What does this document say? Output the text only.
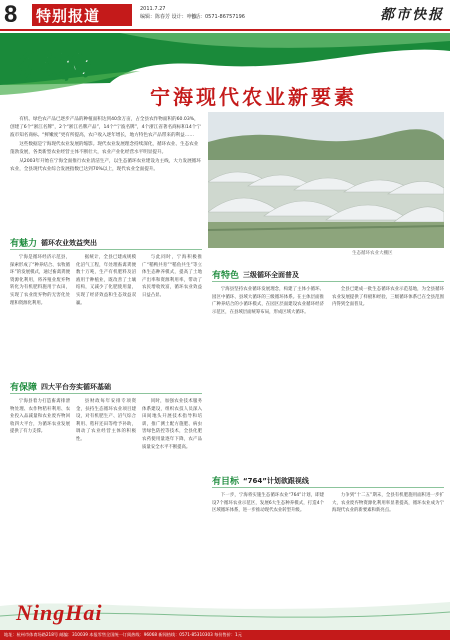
8 特别报道	2011.7.27
编辑：陈春芳 设计：叶波
电话：0571-86757196	都市快报
循环：
宁海现代农业新要素

有机、绿色农产品已逐步产品的种植面积达到40余万亩，占全县农作物面积的60.03%，创建了6个“浙江名牌”，2个“浙江名牌产品”，14个“宁波名牌”，4个浙江省著名商标和14个宁波市知名商标。“鲜嫩度”更有所提高，农户收入逐年增长，地方特色农产品带来的利益……

这些数据是宁海现代农业发展的缩影。现代农业发展理念持续深化，循环农业、生态农业蓬勃发展，各类新型农业经营主体不断壮大，农业产业化经营水平明显提升。

从2003年开始在宁海全面推行农业清洁生产，以生态循环农业建设为主线，大力发展循环农业，全县现代农业综合发展指数已达到70%以上，现代农业全面提升。

生态循环农业大棚区
有魅力 循环农业效益突出

宁海是循环经济示范县，探索形成了“种养结合、农牧循环”的发展模式，通过畜禽粪便资源化利用，将养殖业废弃物转化为有机肥料施用于农田，实现了农业废弃物的无害化处理和资源化利用。

据统计，全县已建成规模化沼气工程，年处理畜禽粪便数十万吨，生产有机肥料及沼液用于种植业，既改善了土壤结构，又减少了化肥使用量，实现了经济效益和生态效益双赢。

与此同时，宁海积极推广“稻鸭共育”“稻鱼共生”等立体生态种养模式，提高了土地产出率和资源利用率，带动了农民增收致富，循环农业效益日益凸显。

有特色 三级循环全面普及

宁海县坚持农业循环发展理念，构建了主体小循环、园区中循环、县域大循环的三级循环体系。在主体层面推广种养结合的小循环模式，在园区层面建设农业循环经济示范区，在县域层面统筹布局，形成区域大循环。

全县已建成一批生态循环农业示范基地，为全县循环农业发展提供了样板和经验，三级循环体系已在全县范围内得到全面普及。

有保障 四大平台夯实循环基础

宁海县着力打造畜禽排泄物处理、农作物秸秆利用、农业投入品减量和农业废弃物回收四大平台，为循环农业发展提供了有力支撑。

县财政每年安排专项资金，扶持生态循环农业项目建设，对有机肥生产、沼气综合利用、秸秆还田等给予补助，调动了农业经营主体的积极性。

同时，加强农业技术服务体系建设，组织农技人员深入田间地头开展技术指导和培训，推广测土配方施肥、病虫害绿色防控等技术，全县化肥农药使用量逐年下降，农产品质量安全水平不断提高。

有目标 “764”计划欲跟视线

下一步，宁海将实施生态循环农业“764”计划，即建设7个循环农业示范区，发展6大生态种养模式，打造4个区域循环体系，进一步推动现代农业转型升级。

力争到“十二五”期末，全县有机肥施用面积进一步扩大，农业废弃物资源化利用率显著提高，循环农业成为宁海现代农业的新要素和新亮点。

NingHai
地址：杭州市体育场路218号 邮编：310039 本报零售全国统一订阅热线：96068 新闻热线：0571-85310303 每份售价：1元
